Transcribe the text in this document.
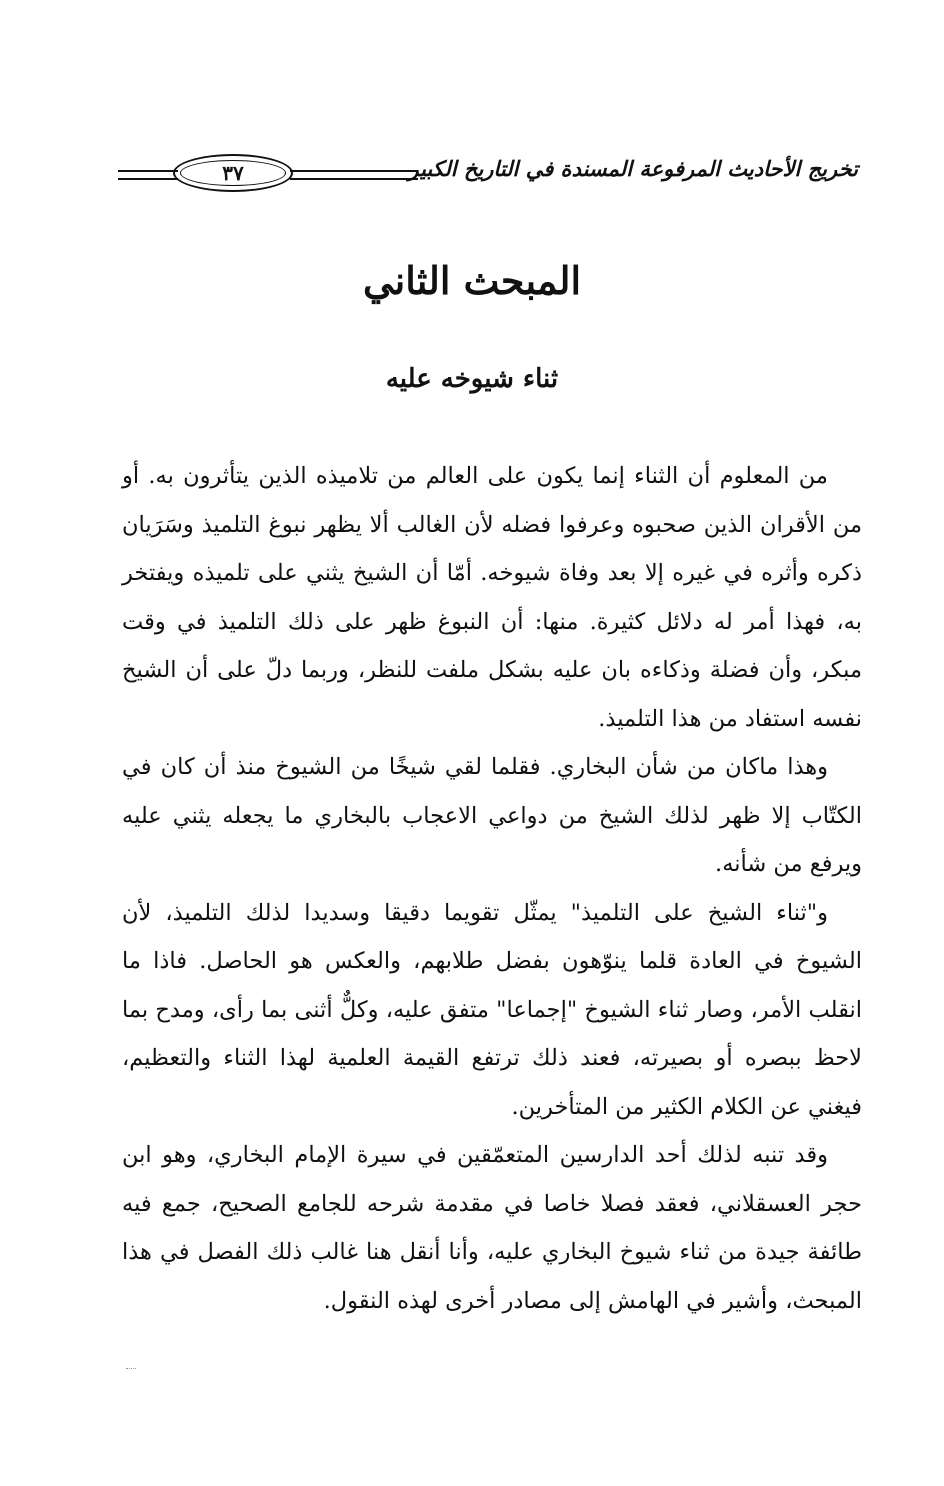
٣٧	تخريج الأحاديث المرفوعة المسندة في التاريخ الكبير
المبحث الثاني
ثناء شيوخه عليه

من المعلوم أن الثناء إنما يكون على العالم من تلاميذه الذين يتأثرون به. أو من الأقران الذين صحبوه وعرفوا فضله لأن الغالب ألا يظهر نبوغ التلميذ وسَرَيان ذكره وأثره في غيره إلا بعد وفاة شيوخه. أمّا أن الشيخ يثني على تلميذه ويفتخر به، فهذا أمر له دلائل كثيرة. منها: أن النبوغ ظهر على ذلك التلميذ في وقت مبكر، وأن فضلة وذكاءه بان عليه بشكل ملفت للنظر، وربما دلّ على أن الشيخ نفسه استفاد من هذا التلميذ.

وهذا ماكان من شأن البخاري. فقلما لقي شيخًا من الشيوخ منذ أن كان في الكتّاب إلا ظهر لذلك الشيخ من دواعي الاعجاب بالبخاري ما يجعله يثني عليه ويرفع من شأنه.

و"ثناء الشيخ على التلميذ" يمثّل تقويما دقيقا وسديدا لذلك التلميذ، لأن الشيوخ في العادة قلما ينوّهون بفضل طلابهم، والعكس هو الحاصل. فاذا ما انقلب الأمر، وصار ثناء الشيوخ "إجماعا" متفق عليه، وكلٌّ أثنى بما رأى، ومدح بما لاحظ ببصره أو بصيرته، فعند ذلك ترتفع القيمة العلمية لهذا الثناء والتعظيم، فيغني عن الكلام الكثير من المتأخرين.

وقد تنبه لذلك أحد الدارسين المتعمّقين في سيرة الإمام البخاري، وهو ابن حجر العسقلاني، فعقد فصلا خاصا في مقدمة شرحه للجامع الصحيح، جمع فيه طائفة جيدة من ثناء شيوخ البخاري عليه، وأنا أنقل هنا غالب ذلك الفصل في هذا المبحث، وأشير في الهامش إلى مصادر أخرى لهذه النقول.
